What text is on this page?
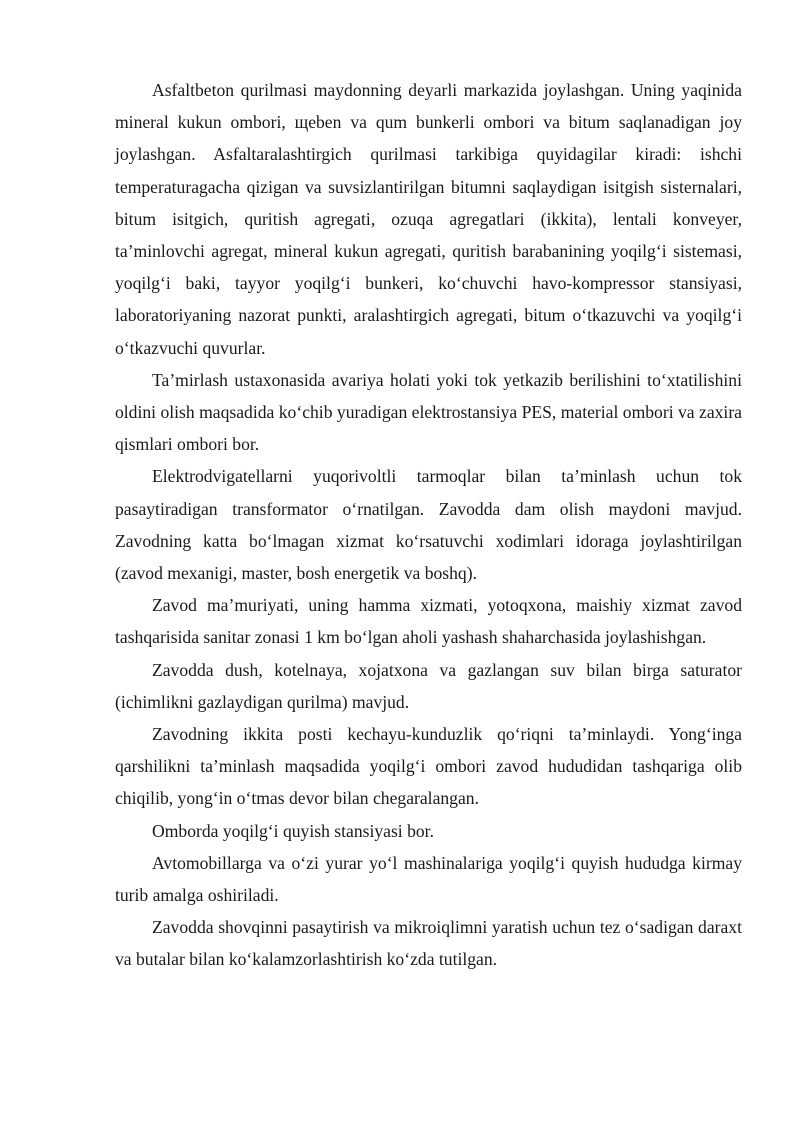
Asfaltbeton qurilmasi maydonning deyarli markazida joylashgan. Uning yaqinida mineral kukun ombori, щeben va qum bunkerli ombori va bitum saqlanadigan joy joylashgan. Asfaltaralashtirgich qurilmasi tarkibiga quyidagilar kiradi: ishchi temperaturagacha qizigan va suvsizlantirilgan bitumni saqlaydigan isitgish sisternalari, bitum isitgich, quritish agregati, ozuqa agregatlari (ikkita), lentali konveyer, ta’minlovchi agregat, mineral kukun agregati, quritish barabanining yoqilg‘i sistemasi, yoqilg‘i baki, tayyor yoqilg‘i bunkeri, ko‘chuvchi havo-kompressor stansiyasi, laboratoriyaning nazorat punkti, aralashtirgich agregati, bitum o‘tkazuvchi va yoqilg‘i o‘tkazvuchi quvurlar.

Ta’mirlash ustaxonasida avariya holati yoki tok yetkazib berilishini to‘xtatilishini oldini olish maqsadida ko‘chib yuradigan elektrostansiya PES, material ombori va zaxira qismlari ombori bor.

Elektrodvigatellarni yuqorivoltli tarmoqlar bilan ta’minlash uchun tok pasaytiradigan transformator o‘rnatilgan. Zavodda dam olish maydoni mavjud. Zavodning katta bo‘lmagan xizmat ko‘rsatuvchi xodimlari idoraga joylashtirilgan (zavod mexanigi, master, bosh energetik va boshq).

Zavod ma’muriyati, uning hamma xizmati, yotoqxona, maishiy xizmat zavod tashqarisida sanitar zonasi 1 km bo‘lgan aholi yashash shaharchasida joylashishgan.

Zavodda dush, kotelnaya, xojatxona va gazlangan suv bilan birga saturator (ichimlikni gazlaydigan qurilma) mavjud.

Zavodning ikkita posti kechayu-kunduzlik qo‘riqni ta’minlaydi. Yong‘inga qarshilikni ta’minlash maqsadida yoqilg‘i ombori zavod hududidan tashqariga olib chiqilib, yong‘in o‘tmas devor bilan chegaralangan.

Omborda yoqilg‘i quyish stansiyasi bor.

Avtomobillarga va o‘zi yurar yo‘l mashinalariga yoqilg‘i quyish hududga kirmay turib amalga oshiriladi.

Zavodda shovqinni pasaytirish va mikroiqlimni yaratish uchun tez o‘sadigan daraxt va butalar bilan ko‘kalamzorlashtirish ko‘zda tutilgan.
